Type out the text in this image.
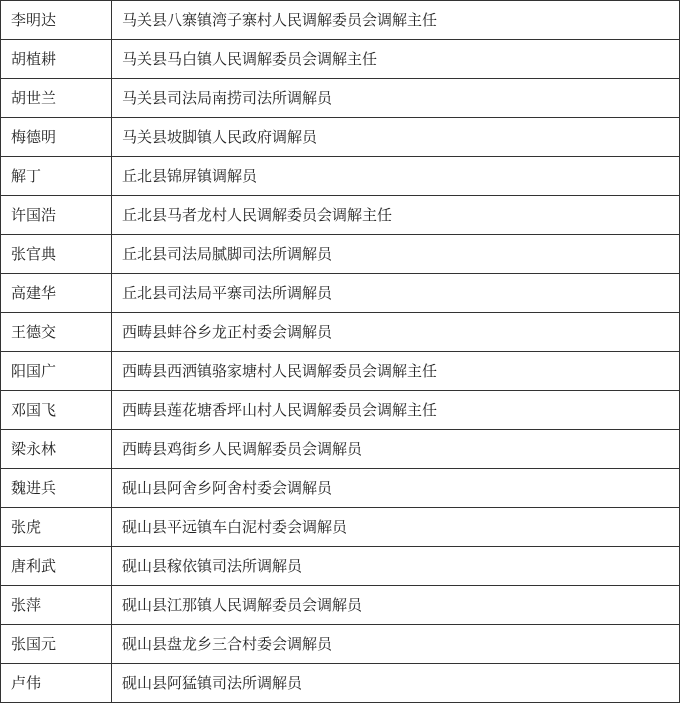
李明达	马关县八寨镇湾子寨村人民调解委员会调解主任
胡植耕	马关县马白镇人民调解委员会调解主任
胡世兰	马关县司法局南捞司法所调解员
梅德明	马关县坡脚镇人民政府调解员
解丁	丘北县锦屏镇调解员
许国浩	丘北县马者龙村人民调解委员会调解主任
张官典	丘北县司法局腻脚司法所调解员
高建华	丘北县司法局平寨司法所调解员
王德交	西畴县蚌谷乡龙正村委会调解员
阳国广	西畴县西洒镇骆家塘村人民调解委员会调解主任
邓国飞	西畴县莲花塘香坪山村人民调解委员会调解主任
梁永林	西畴县鸡街乡人民调解委员会调解员
魏进兵	砚山县阿舍乡阿舍村委会调解员
张虎	砚山县平远镇车白泥村委会调解员
唐利武	砚山县稼依镇司法所调解员
张萍	砚山县江那镇人民调解委员会调解员
张国元	砚山县盘龙乡三合村委会调解员
卢伟	砚山县阿猛镇司法所调解员
